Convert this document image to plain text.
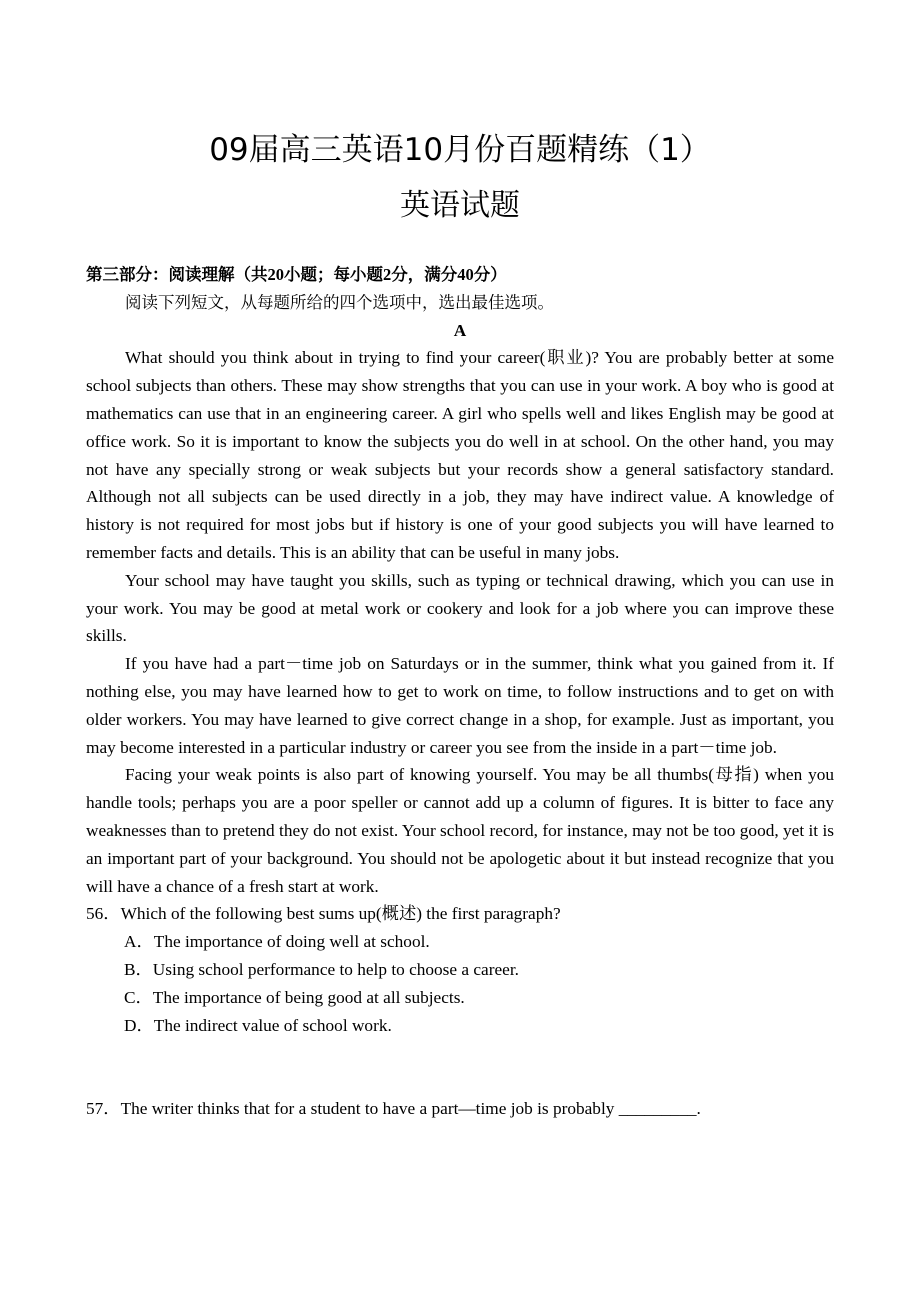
09届高三英语10月份百题精练（1）
英语试题

第三部分：阅读理解（共20小题；每小题2分，满分40分）

阅读下列短文，从每题所给的四个选项中，选出最佳选项。

A

What should you think about in trying to find your career(职业)? You are probably better at some school subjects than others. These may show strengths that you can use in your work. A boy who is good at mathematics can use that in an engineering career. A girl who spells well and likes English may be good at office work. So it is important to know the subjects you do well in at school. On the other hand, you may not have any specially strong or weak subjects but your records show a general satisfactory standard. Although not all subjects can be used directly in a job, they may have indirect value. A knowledge of history is not required for most jobs but if history is one of your good subjects you will have learned to remember facts and details. This is an ability that can be useful in many jobs.

Your school may have taught you skills, such as typing or technical drawing, which you can use in your work. You may be good at metal work or cookery and look for a job where you can improve these skills.

If you have had a part－time job on Saturdays or in the summer, think what you gained from it. If nothing else, you may have learned how to get to work on time, to follow instructions and to get on with older workers. You may have learned to give correct change in a shop, for example. Just as important, you may become interested in a particular industry or career you see from the inside in a part－time job.

Facing your weak points is also part of knowing yourself. You may be all thumbs(母指) when you handle tools; perhaps you are a poor speller or cannot add up a column of figures. It is bitter to face any weaknesses than to pretend they do not exist. Your school record, for instance, may not be too good, yet it is an important part of your background. You should not be apologetic about it but instead recognize that you will have a chance of a fresh start at work.

56．Which of the following best sums up(概述) the first paragraph?

A．The importance of doing well at school.

B．Using school performance to help to choose a career.

C．The importance of being good at all subjects.

D．The indirect value of school work.

57．The writer thinks that for a student to have a part—time job is probably _________.
